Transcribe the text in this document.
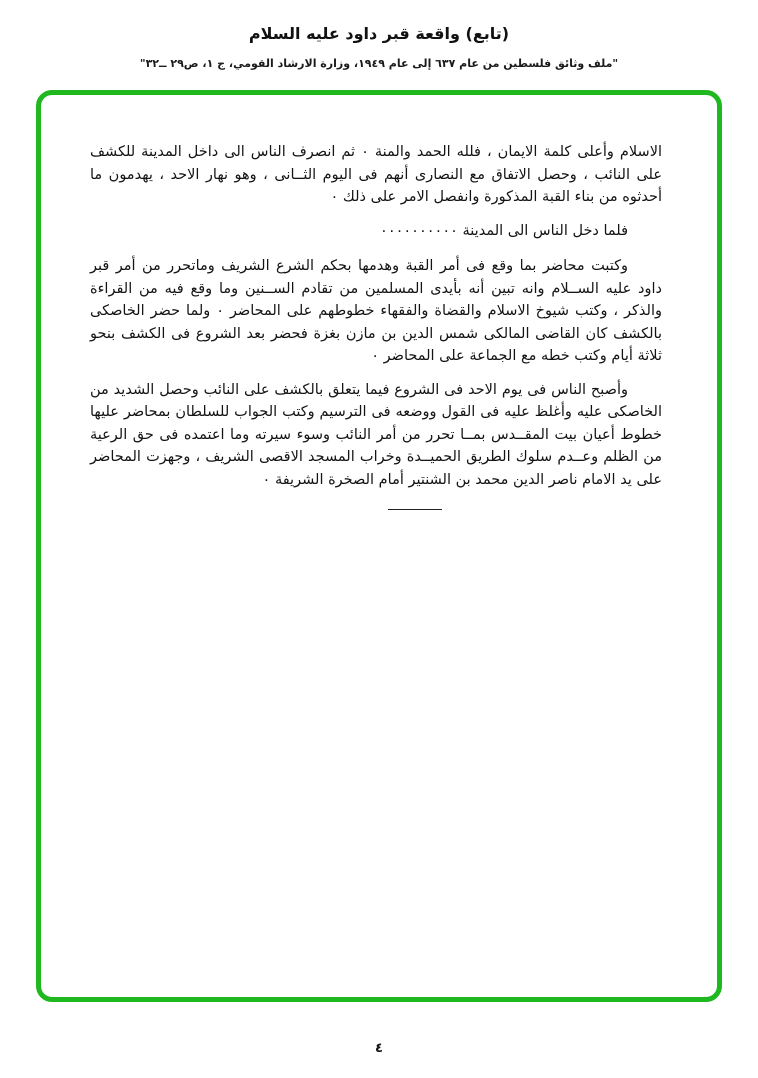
(تابع) واقعة قبر داود عليه السلام
"ملف وثائق فلسطين من عام ٦٣٧ إلى عام ١٩٤٩، وزارة الارشاد القومي، ج ١، ص٢٩ ــ٣٢"

الاسلام وأعلى كلمة الايمان ، فلله الحمد والمنة ٠ ثم انصرف الناس الى داخل المدينة للكشف على النائب ، وحصل الاتفاق مع النصارى أنهم فى اليوم الثــانى ، وهو نهار الاحد ، يهدمون ما أحدثوه من بناء القبة المذكورة وانفصل الامر على ذلك ٠

فلما دخل الناس الى المدينة ٠٠٠٠٠٠٠٠٠٠

وكتبت محاضر بما وقع فى أمر القبة وهدمها بحكم الشرع الشريف وماتحرر من أمر قبر داود عليه الســلام وانه تبين أنه بأيدى المسلمين من تقادم الســنين وما وقع فيه من القراءة والذكر ، وكتب شيوخ الاسلام والقضاة والفقهاء خطوطهم على المحاضر ٠ ولما حضر الخاصكى بالكشف كان القاضى المالكى شمس الدين بن مازن بغزة فحضر بعد الشروع فى الكشف بنحو ثلاثة أيام وكتب خطه مع الجماعة على المحاضر ٠

وأصبح الناس فى يوم الاحد فى الشروع فيما يتعلق بالكشف على النائب وحصل الشديد من الخاصكى عليه وأغلظ عليه فى القول ووضعه فى الترسيم وكتب الجواب للسلطان بمحاضر عليها خطوط أعيان بيت المقــدس بمــا تحرر من أمر النائب وسوء سيرته وما اعتمده فى حق الرعية من الظلم وعــدم سلوك الطريق الحميــدة وخراب المسجد الاقصى الشريف ، وجهزت المحاضر على يد الامام ناصر الدين محمد بن الشنتير أمام الصخرة الشريفة ٠

٤
